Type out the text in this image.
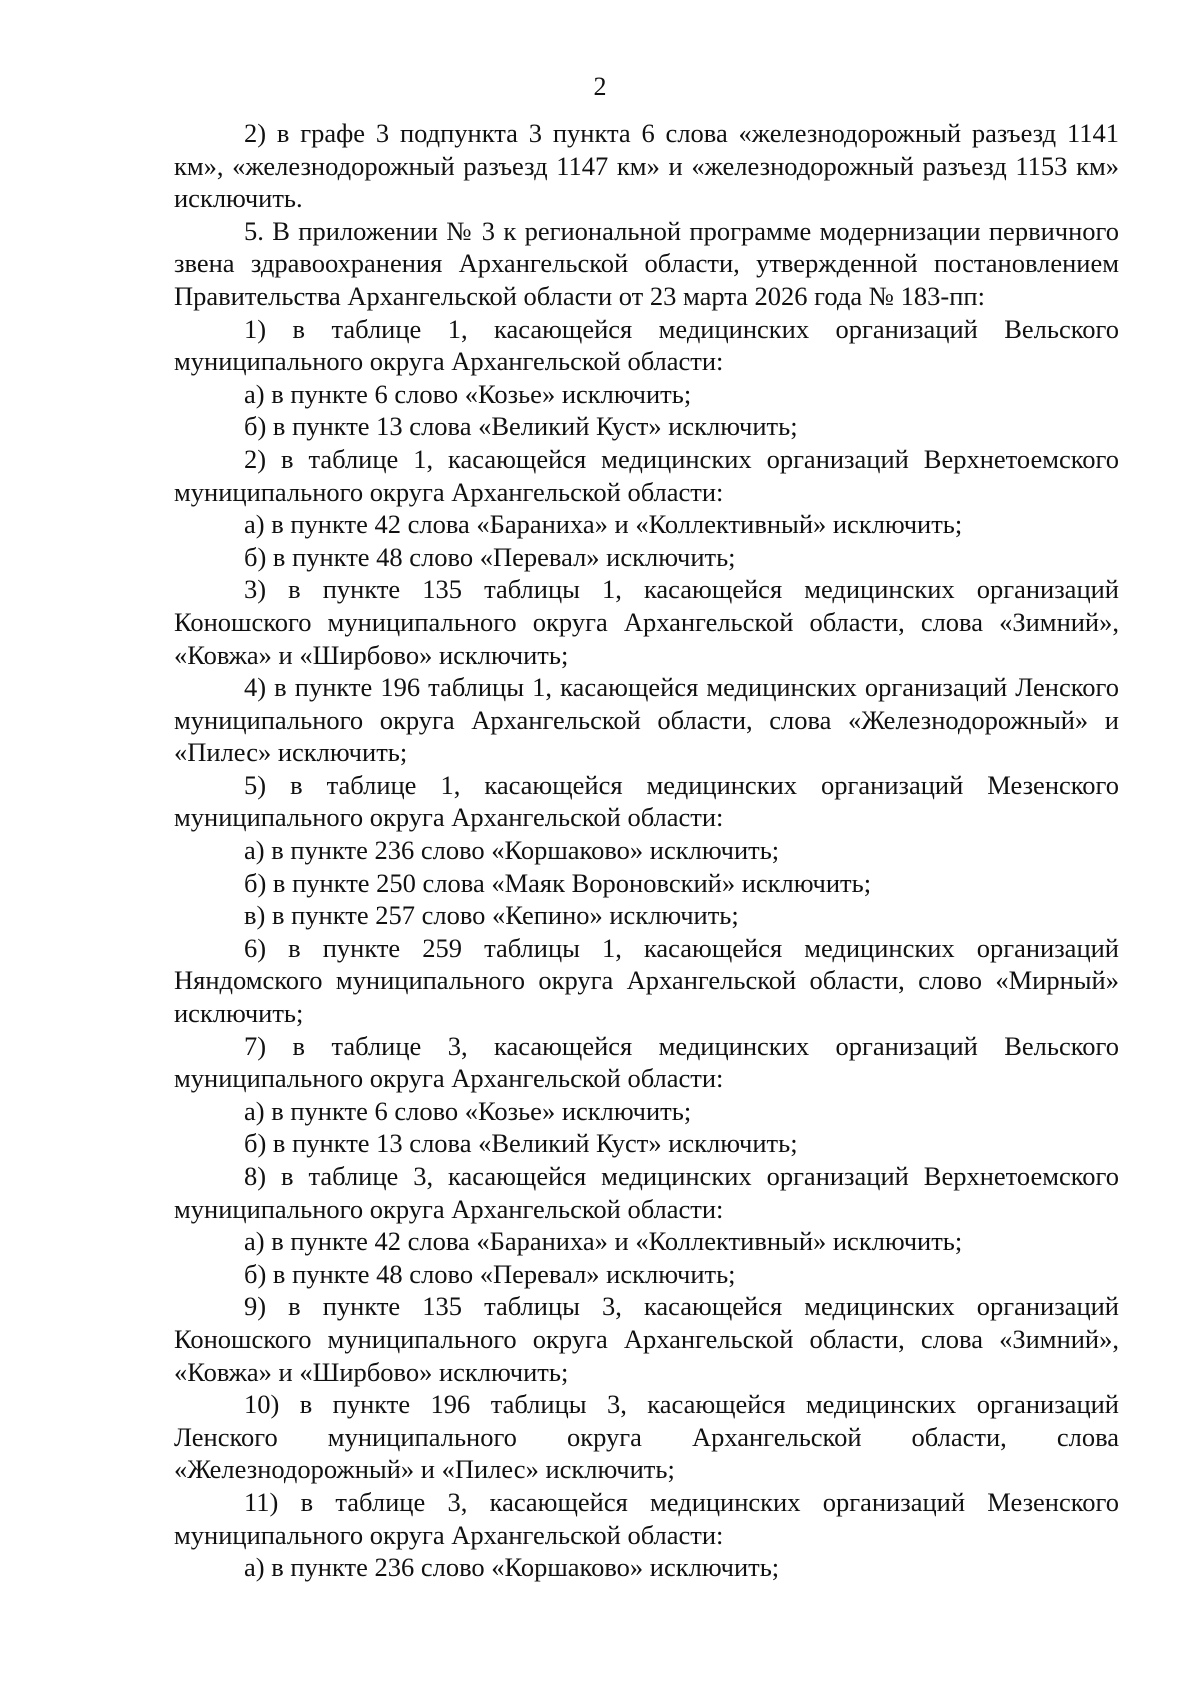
2

2) в графе 3 подпункта 3 пункта 6 слова «железнодорожный разъезд 1141 км», «железнодорожный разъезд 1147 км» и «железнодорожный разъезд 1153 км» исключить.

5. В приложении № 3 к региональной программе модернизации первичного звена здравоохранения Архангельской области, утвержденной постановлением Правительства Архангельской области от 23 марта 2026 года № 183-пп:

1) в таблице 1, касающейся медицинских организаций Вельского муниципального округа Архангельской области:

а) в пункте 6 слово «Козье» исключить;

б) в пункте 13 слова «Великий Куст» исключить;

2) в таблице 1, касающейся медицинских организаций Верхнетоемского муниципального округа Архангельской области:

а) в пункте 42 слова «Бараниха» и «Коллективный» исключить;

б) в пункте 48 слово «Перевал» исключить;

3) в пункте 135 таблицы 1, касающейся медицинских организаций Коношского муниципального округа Архангельской области, слова «Зимний», «Ковжа» и «Ширбово» исключить;

4) в пункте 196 таблицы 1, касающейся медицинских организаций Ленского муниципального округа Архангельской области, слова «Железнодорожный» и «Пилес» исключить;

5) в таблице 1, касающейся медицинских организаций Мезенского муниципального округа Архангельской области:

а) в пункте 236 слово «Коршаково» исключить;

б) в пункте 250 слова «Маяк Вороновский» исключить;

в) в пункте 257 слово «Кепино» исключить;

6) в пункте 259 таблицы 1, касающейся медицинских организаций Няндомского муниципального округа Архангельской области, слово «Мирный» исключить;

7) в таблице 3, касающейся медицинских организаций Вельского муниципального округа Архангельской области:

а) в пункте 6 слово «Козье» исключить;

б) в пункте 13 слова «Великий Куст» исключить;

8) в таблице 3, касающейся медицинских организаций Верхнетоемского муниципального округа Архангельской области:

а) в пункте 42 слова «Бараниха» и «Коллективный» исключить;

б) в пункте 48 слово «Перевал» исключить;

9) в пункте 135 таблицы 3, касающейся медицинских организаций Коношского муниципального округа Архангельской области, слова «Зимний», «Ковжа» и «Ширбово» исключить;

10) в пункте 196 таблицы 3, касающейся медицинских организаций Ленского муниципального округа Архангельской области, слова «Железнодорожный» и «Пилес» исключить;

11) в таблице 3, касающейся медицинских организаций Мезенского муниципального округа Архангельской области:

а) в пункте 236 слово «Коршаково» исключить;
